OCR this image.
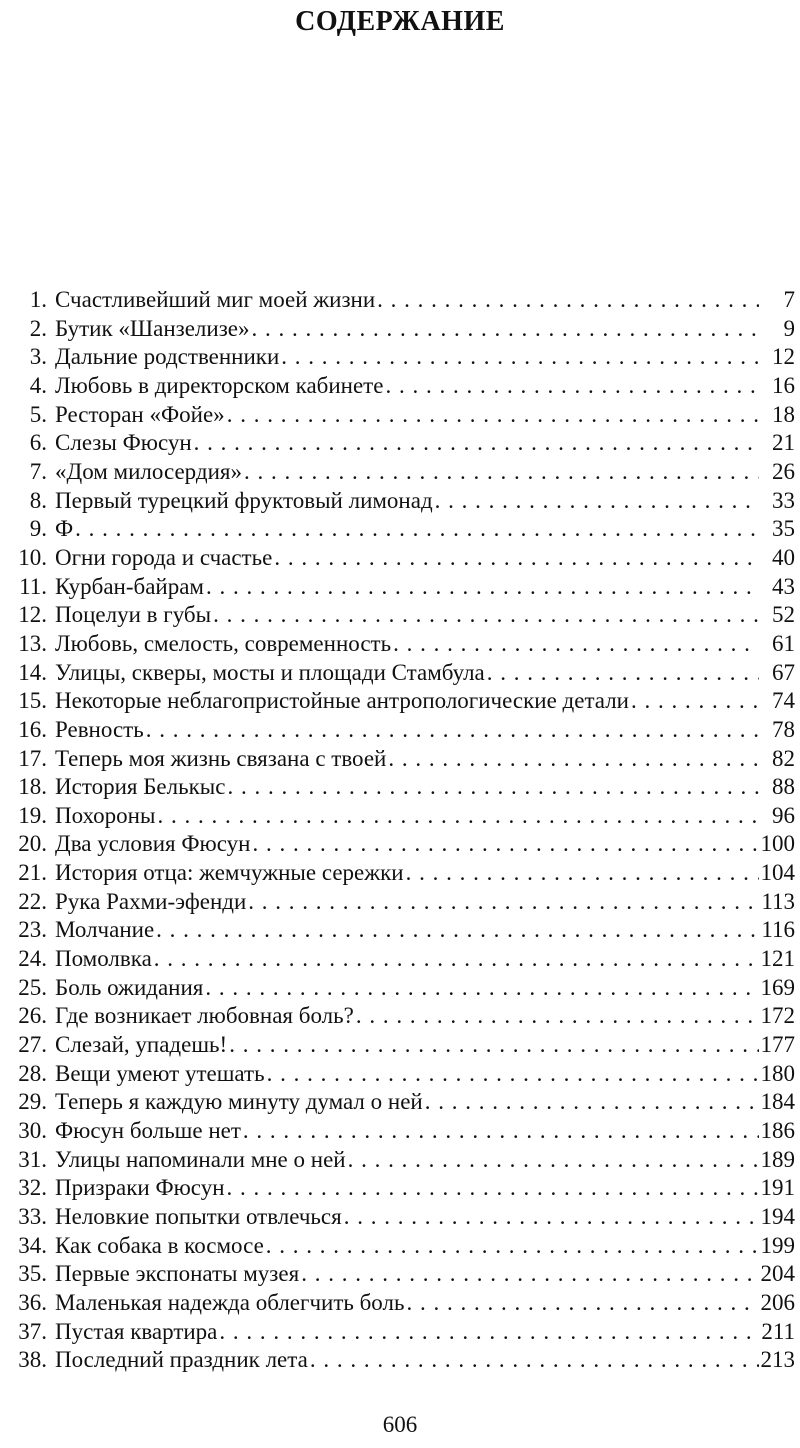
СОДЕРЖАНИЕ
1. Счастливейший миг моей жизни . . .	7
2. Бутик «Шанзелизе» . . .	9
3. Дальние родственники . . .	12
4. Любовь в директорском кабинете . . .	16
5. Ресторан «Фойе» . . .	18
6. Слезы Фюсун . . .	21
7. «Дом милосердия» . . .	26
8. Первый турецкий фруктовый лимонад . . .	33
9. Ф . . .	35
10. Огни города и счастье . . .	40
11. Курбан-байрам . . .	43
12. Поцелуи в губы . . .	52
13. Любовь, смелость, современность . . .	61
14. Улицы, скверы, мосты и площади Стамбула . . .	67
15. Некоторые неблагопристойные антропологические детали . . .	74
16. Ревность . . .	78
17. Теперь моя жизнь связана с твоей . . .	82
18. История Белькыс . . .	88
19. Похороны . . .	96
20. Два условия Фюсун . . .	100
21. История отца: жемчужные сережки . . .	104
22. Рука Рахми-эфенди . . .	113
23. Молчание . . .	116
24. Помолвка . . .	121
25. Боль ожидания . . .	169
26. Где возникает любовная боль? . . .	172
27. Слезай, упадешь! . . .	177
28. Вещи умеют утешать . . .	180
29. Теперь я каждую минуту думал о ней . . .	184
30. Фюсун больше нет . . .	186
31. Улицы напоминали мне о ней . . .	189
32. Призраки Фюсун . . .	191
33. Неловкие попытки отвлечься . . .	194
34. Как собака в космосе . . .	199
35. Первые экспонаты музея . . .	204
36. Маленькая надежда облегчить боль . . .	206
37. Пустая квартира . . .	211
38. Последний праздник лета . . .	213
606
